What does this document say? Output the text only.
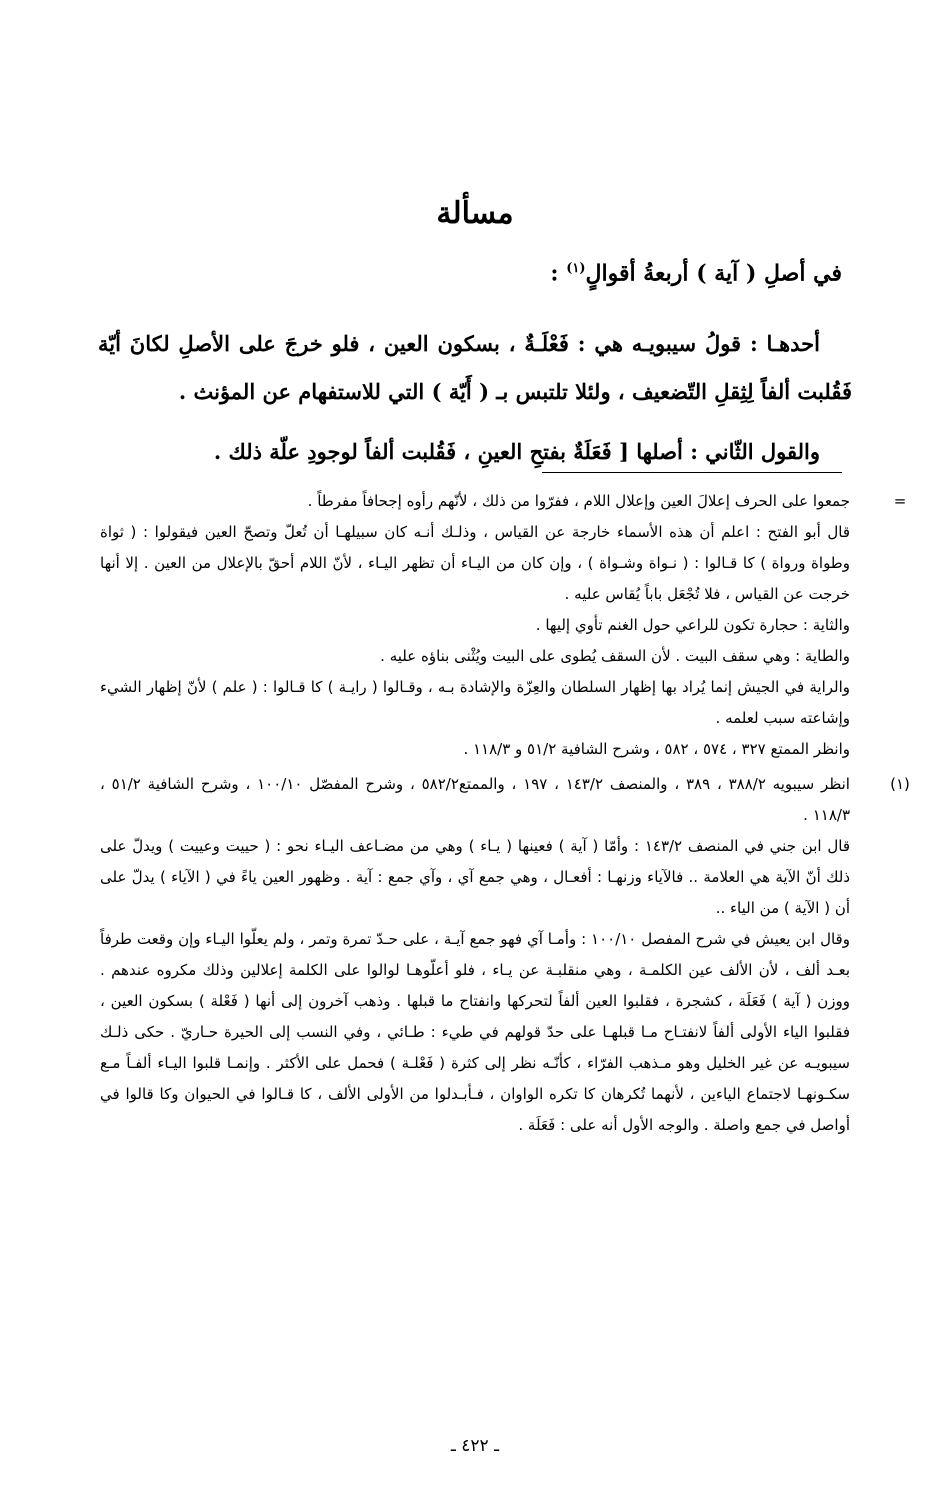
مسألة
في أصلِ ( آية ) أربعةُ أقوالٍ$^{(١)}$ :
أحدهـا : قولُ سيبويـه هي : فَعْلَـةٌ ، بسكون العين ، فلو خرجَ على الأصلِ لكانَ أيّة فَقُلبت ألفاً لِثِقلِ التّضعيف ، ولئلا تلتبس بـ ( أَيّة ) التي للاستفهام عن المؤنث .
والقول الثّاني : أصلها [ فَعَلَةٌ بفتحِ العينِ ، فَقُلبت ألفاً لوجودِ علّة ذلك .
=
جمعوا على الحرف إعلالَ العين وإعلال اللام ، ففرّوا من ذلك ، لأنّهم رأوه إجحافاً مفرطاً .
قال أبو الفتح : اعلم أن هذه الأسماء خارجة عن القياس ، وذلـك أنـه كان سبيلهـا أن تُعلّ وتصحّ العين فيقولوا : ( ثواة وطواة ورواة ) كا قـالوا : ( نـواة وشـواة ) ، وإن كان من اليـاء أن تظهر اليـاء ، لأنّ اللام أحقّ بالإعلال من العين . إلا أنها خرجت عن القياس ، فلا تُجْعَل باباً يُقاس عليه .
والثاية : حجارة تكون للراعي حول الغنم تأوي إليها .
والطاية : وهي سقف البيت . لأن السقف يُطوى على البيت ويُثْنى بناؤه عليه .
والراية في الجيش إنما يُراد بها إظهار السلطان والعِزّة والإشادة بـه ، وقـالوا ( رايـة ) كا قـالوا : ( علم ) لأنّ إظهار الشيء وإشاعته سبب لعلمه .
وانظر الممتع ٣٢٧ ، ٥٧٤ ، ٥٨٢ ، وشرح الشافية ٥١/٢ و ١١٨/٣ .
(١)
انظر سيبويه ٣٨٨/٢ ، ٣٨٩ ، والمنصف ١٤٣/٢ ، ١٩٧ ، والممتع٥٨٢/٢ ، وشرح المفصّل ١٠٠/١٠ ، وشرح الشافية ٥١/٢ ، ١١٨/٣ .
قال ابن جني في المنصف ١٤٣/٢ : وأمّا ( آية ) فعينها ( يـاء ) وهي من مضـاعف اليـاء نحو : ( حييت وعييت ) ويدلّ على ذلك أنّ الآية هي العلامة .. فالآياء وزنهـا : أفعـال ، وهي جمع آي ، وآي جمع : آية . وظهور العين ياءً في ( الآياء ) يدلّ على أن ( الآية ) من الياء ..
وقال ابن يعيش في شرح المفصل ١٠٠/١٠ : وأمـا آي فهو جمع آيـة ، على حـدّ تمرة وتمر ، ولم يعلّوا اليـاء وإن وقعت طرفاً بعـد ألف ، لأن الألف عين الكلمـة ، وهي منقلبـة عن يـاء ، فلو أعلّوهـا لوالوا على الكلمة إعلالين وذلك مكروه عندهم . ووزن ( آية ) فَعَلَة ، كشجرة ، فقلبوا العين ألفاً لتحركها وانفتاح ما قبلها . وذهب آخرون إلى أنها ( فَعْلة ) بسكون العين ، فقلبوا الياء الأولى ألفاً لانفتـاح مـا قبلهـا على حدّ قولهم في طيء : طـائي ، وفي النسب إلى الحيرة حـاريّ . حكى ذلـك سيبويـه عن غير الخليل وهو مـذهب الفرّاء ، كأنّـه نظر إلى كثرة ( فَعْلـة ) فحمل على الأكثر . وإنمـا قلبوا اليـاء ألفـاً مـع سكـونهـا لاجتماع الياءين ، لأنهما تُكرهان كا تكره الواوان ، فـأبـدلوا من الأولى الألف ، كا قـالوا في الحيوان وكا قالوا في أواصل في جمع واصلة . والوجه الأول أنه على : فَعَلَة .
ـ ٤٢٢ ـ
